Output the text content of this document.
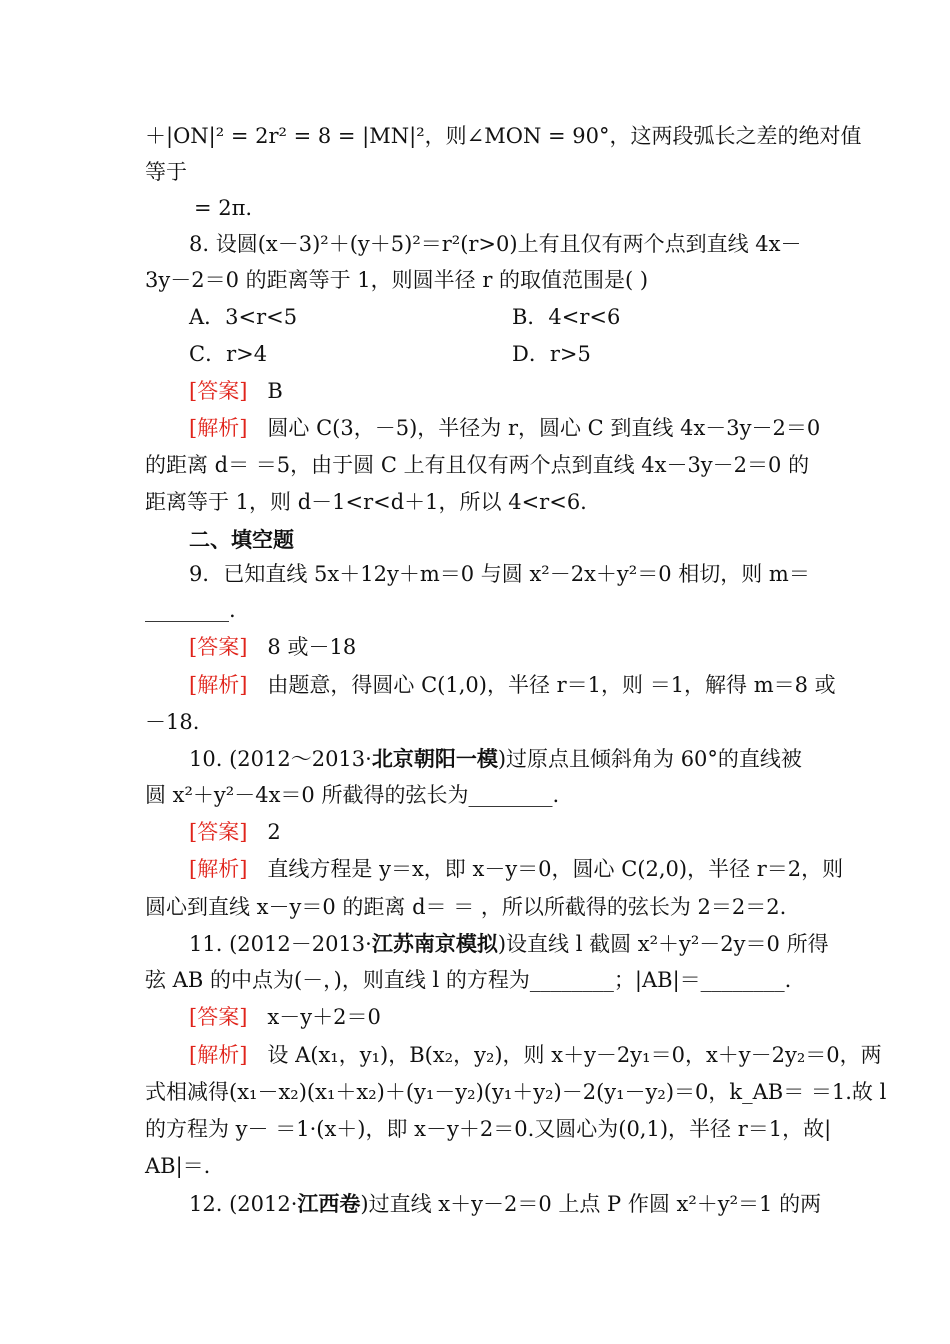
＋|ON|² = 2r² = 8 = |MN|²，则∠MON = 90°，这两段弧长之差的绝对值
等于
= 2π.
8. 设圆(x－3)²＋(y＋5)²＝r²(r>0)上有且仅有两个点到直线 4x－
3y－2＝0 的距离等于 1，则圆半径 r 的取值范围是( )
A．3<r<5	B．4<r<6
C．r>4	D．r>5
[答案] B
[解析] 圆心 C(3，－5)，半径为 r，圆心 C 到直线 4x－3y－2＝0
的距离 d＝ ＝5，由于圆 C 上有且仅有两个点到直线 4x－3y－2＝0 的
距离等于 1，则 d－1<r<d＋1，所以 4<r<6.
二、填空题
9．已知直线 5x＋12y＋m＝0 与圆 x²－2x＋y²＝0 相切，则 m＝
________.
[答案] 8 或－18
[解析] 由题意，得圆心 C(1,0)，半径 r＝1，则 ＝1，解得 m＝8 或
－18.
10. (2012～2013·北京朝阳一模)过原点且倾斜角为 60°的直线被
圆 x²＋y²－4x＝0 所截得的弦长为________.
[答案] 2
[解析] 直线方程是 y＝x，即 x－y＝0，圆心 C(2,0)，半径 r＝2，则
圆心到直线 x－y＝0 的距离 d＝ ＝ ，所以所截得的弦长为 2＝2＝2.
11. (2012－2013·江苏南京模拟)设直线 l 截圆 x²＋y²－2y＝0 所得
弦 AB 的中点为(－，)，则直线 l 的方程为________；|AB|＝________.
[答案] x－y＋2＝0
[解析] 设 A(x₁，y₁)，B(x₂，y₂)，则 x＋y－2y₁＝0，x＋y－2y₂＝0，两
式相减得(x₁－x₂)(x₁＋x₂)＋(y₁－y₂)(y₁＋y₂)－2(y₁－y₂)＝0，k_AB＝ ＝1.故 l
的方程为 y－ ＝1·(x＋)，即 x－y＋2＝0.又圆心为(0,1)，半径 r＝1，故|
AB|＝.
12. (2012·江西卷)过直线 x＋y－2＝0 上点 P 作圆 x²＋y²＝1 的两
